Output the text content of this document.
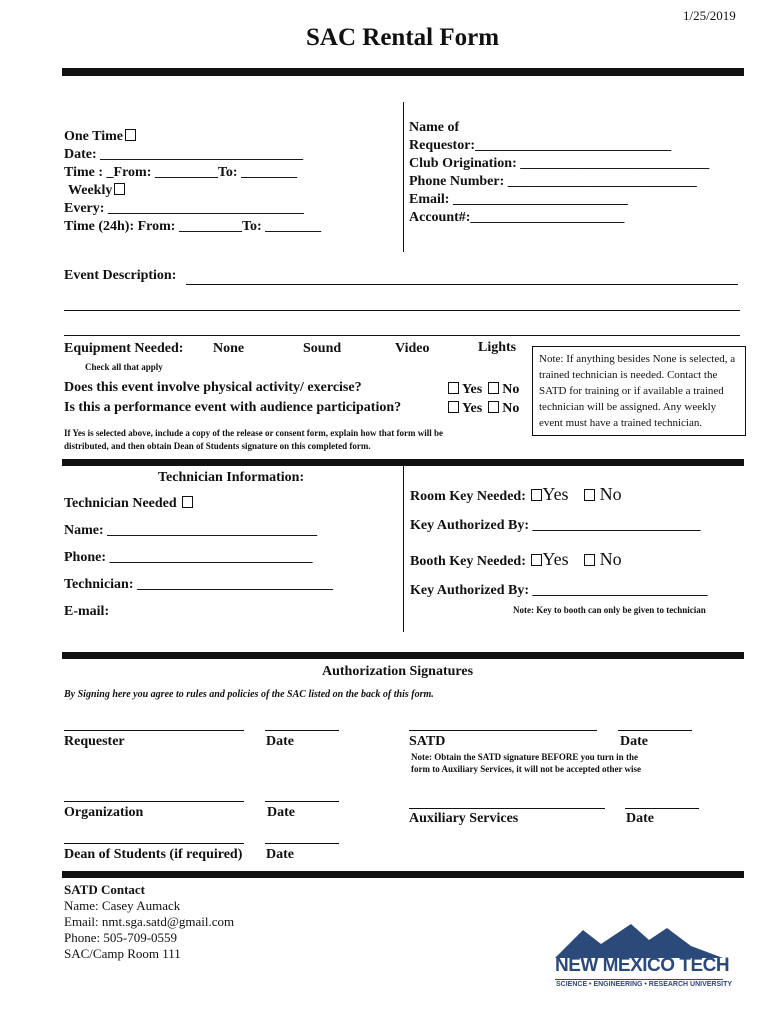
1/25/2019
SAC Rental Form
One Time
Date: _____________________________
Time : _From: _________To: ________
Weekly
Every: ____________________________
Time (24h): From: _________To: ________
Name of
Requestor:____________________________
Club Origination: ___________________________
Phone Number: ___________________________
Email: _________________________
Account#:______________________
Event Description:
Equipment Needed: None	Sound	Video	Lights
Check all that apply
Does this event involve physical activity/ exercise?	Yes No
Is this a performance event with audience participation?	Yes No
If Yes is selected above, include a copy of the release or consent form, explain how that form will be
distributed, and then obtain Dean of Students signature on this completed form.
Note: If anything besides None is selected, a trained technician is needed. Contact the SATD for training or if available a trained technician will be assigned. Any weekly event must have a trained technician.
Technician Information:
Technician Needed
Name: ______________________________
Phone: _____________________________
Technician: ____________________________
E-mail:
Room Key Needed: Yes No
Key Authorized By: ________________________
Booth Key Needed: Yes No
Key Authorized By: _________________________
Note: Key to booth can only be given to technician
Authorization Signatures
By Signing here you agree to rules and policies of the SAC listed on the back of this form.
Requester	Date	SATD	Date
Note: Obtain the SATD signature BEFORE you turn in the
form to Auxiliary Services, it will not be accepted other wise
Organization	Date	Auxiliary Services	Date
Dean of Students (if required) Date
SATD Contact
Name: Casey Aumack
Email: nmt.sga.satd@gmail.com
Phone: 505-709-0559
SAC/Camp Room 111
NEW MEXICO TECH
SCIENCE • ENGINEERING • RESEARCH UNIVERSITY
